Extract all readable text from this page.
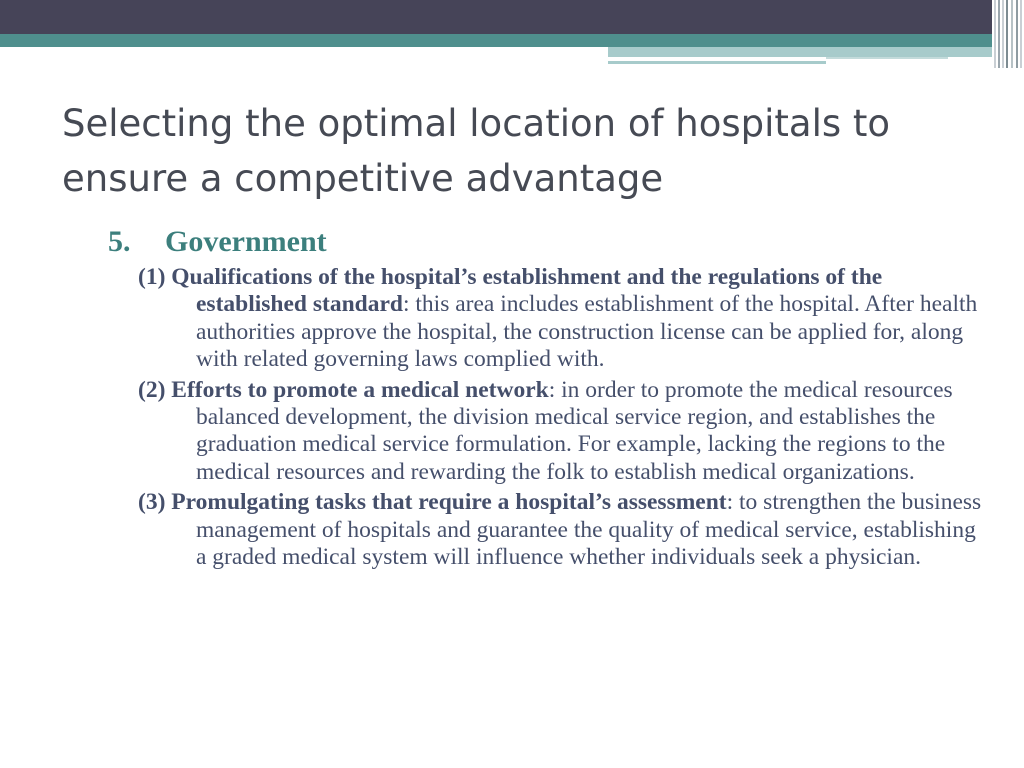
Selecting the optimal location of hospitals to ensure a competitive advantage
5. Government
(1) Qualifications of the hospital’s establishment and the regulations of the established standard: this area includes establishment of the hospital. After health authorities approve the hospital, the construction license can be applied for, along with related governing laws complied with.
(2) Efforts to promote a medical network: in order to promote the medical resources balanced development, the division medical service region, and establishes the graduation medical service formulation. For example, lacking the regions to the medical resources and rewarding the folk to establish medical organizations.
(3) Promulgating tasks that require a hospital’s assessment: to strengthen the business management of hospitals and guarantee the quality of medical service, establishing a graded medical system will influence whether individuals seek a physician.
